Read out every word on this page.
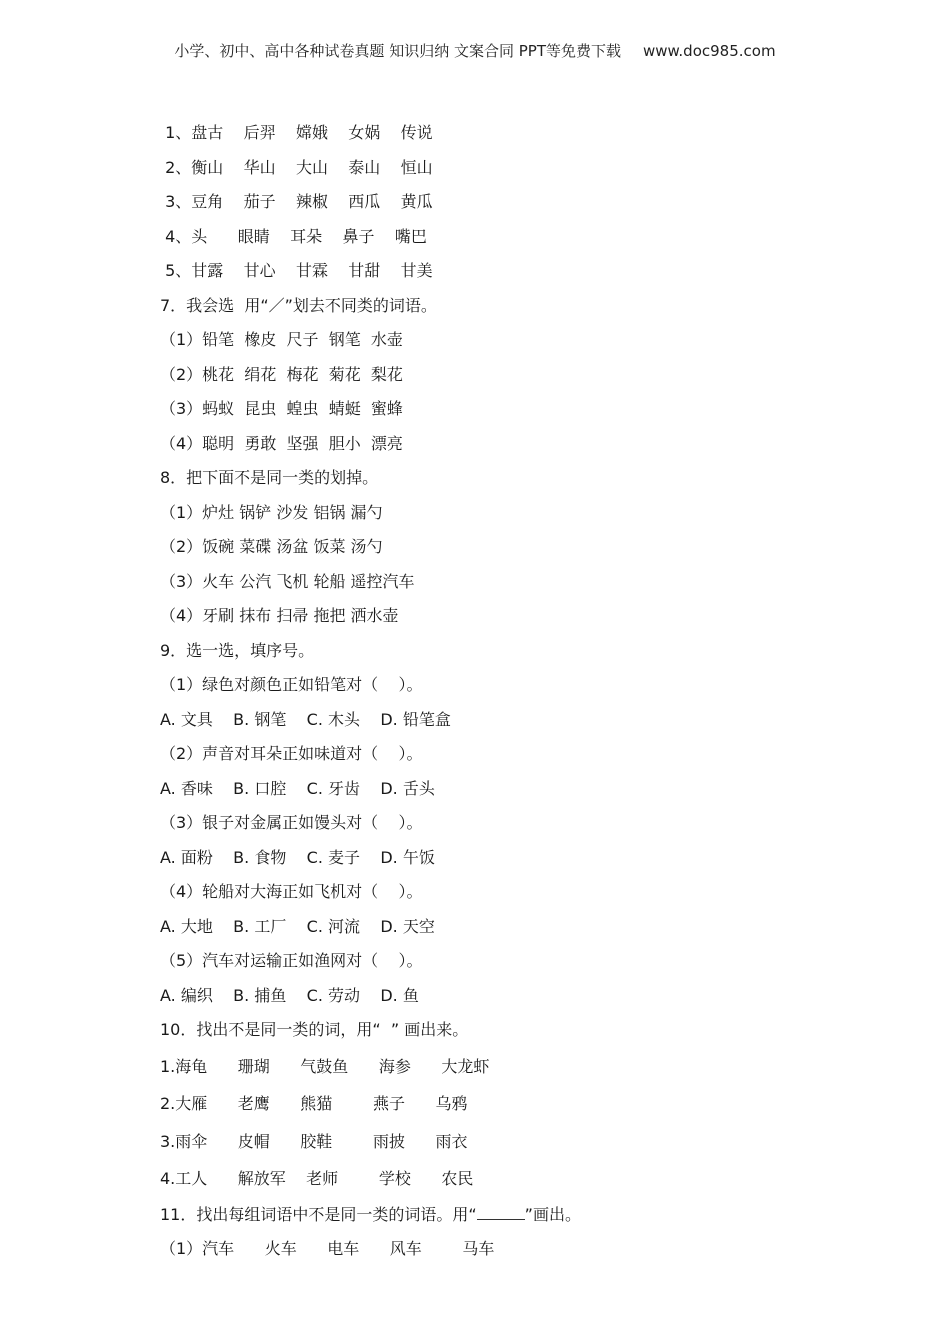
小学、初中、高中各种试卷真题 知识归纳 文案合同 PPT等免费下载 www.doc985.com
1、盘古    后羿    嫦娥    女娲    传说
2、衡山    华山    大山    泰山    恒山
3、豆角    茄子    辣椒    西瓜    黄瓜
4、头      眼睛    耳朵    鼻子    嘴巴
5、甘露    甘心    甘霖    甘甜    甘美
7．我会选  用“／”划去不同类的词语。
（1）铅笔  橡皮  尺子  钢笔  水壶
（2）桃花  绢花  梅花  菊花  梨花
（3）蚂蚁  昆虫  蝗虫  蜻蜓  蜜蜂
（4）聪明  勇敢  坚强  胆小  漂亮
8．把下面不是同一类的划掉。
（1）炉灶 锅铲 沙发 铝锅 漏勺
（2）饭碗 菜碟 汤盆 饭菜 汤勺
（3）火车 公汽 飞机 轮船 遥控汽车
（4）牙刷 抹布 扫帚 拖把 洒水壶
9．选一选，填序号。
（1）绿色对颜色正如铅笔对（    ）。
A. 文具    B. 钢笔    C. 木头    D. 铅笔盒
（2）声音对耳朵正如味道对（    ）。
A. 香味    B. 口腔    C. 牙齿    D. 舌头
（3）银子对金属正如馒头对（    ）。
A. 面粉    B. 食物    C. 麦子    D. 午饭
（4）轮船对大海正如飞机对（    ）。
A. 大地    B. 工厂    C. 河流    D. 天空
（5）汽车对运输正如渔网对（    ）。
A. 编织    B. 捕鱼    C. 劳动    D. 鱼
10．找出不是同一类的词，用“  ” 画出来。
1.海龟      珊瑚      气鼓鱼      海参      大龙虾
2.大雁      老鹰      熊猫        燕子      乌鸦
3.雨伞      皮帽      胶鞋        雨披      雨衣
4.工人      解放军    老师        学校      农民
11．找出每组词语中不是同一类的词语。用“	”画出。
（1）汽车      火车      电车      风车        马车
